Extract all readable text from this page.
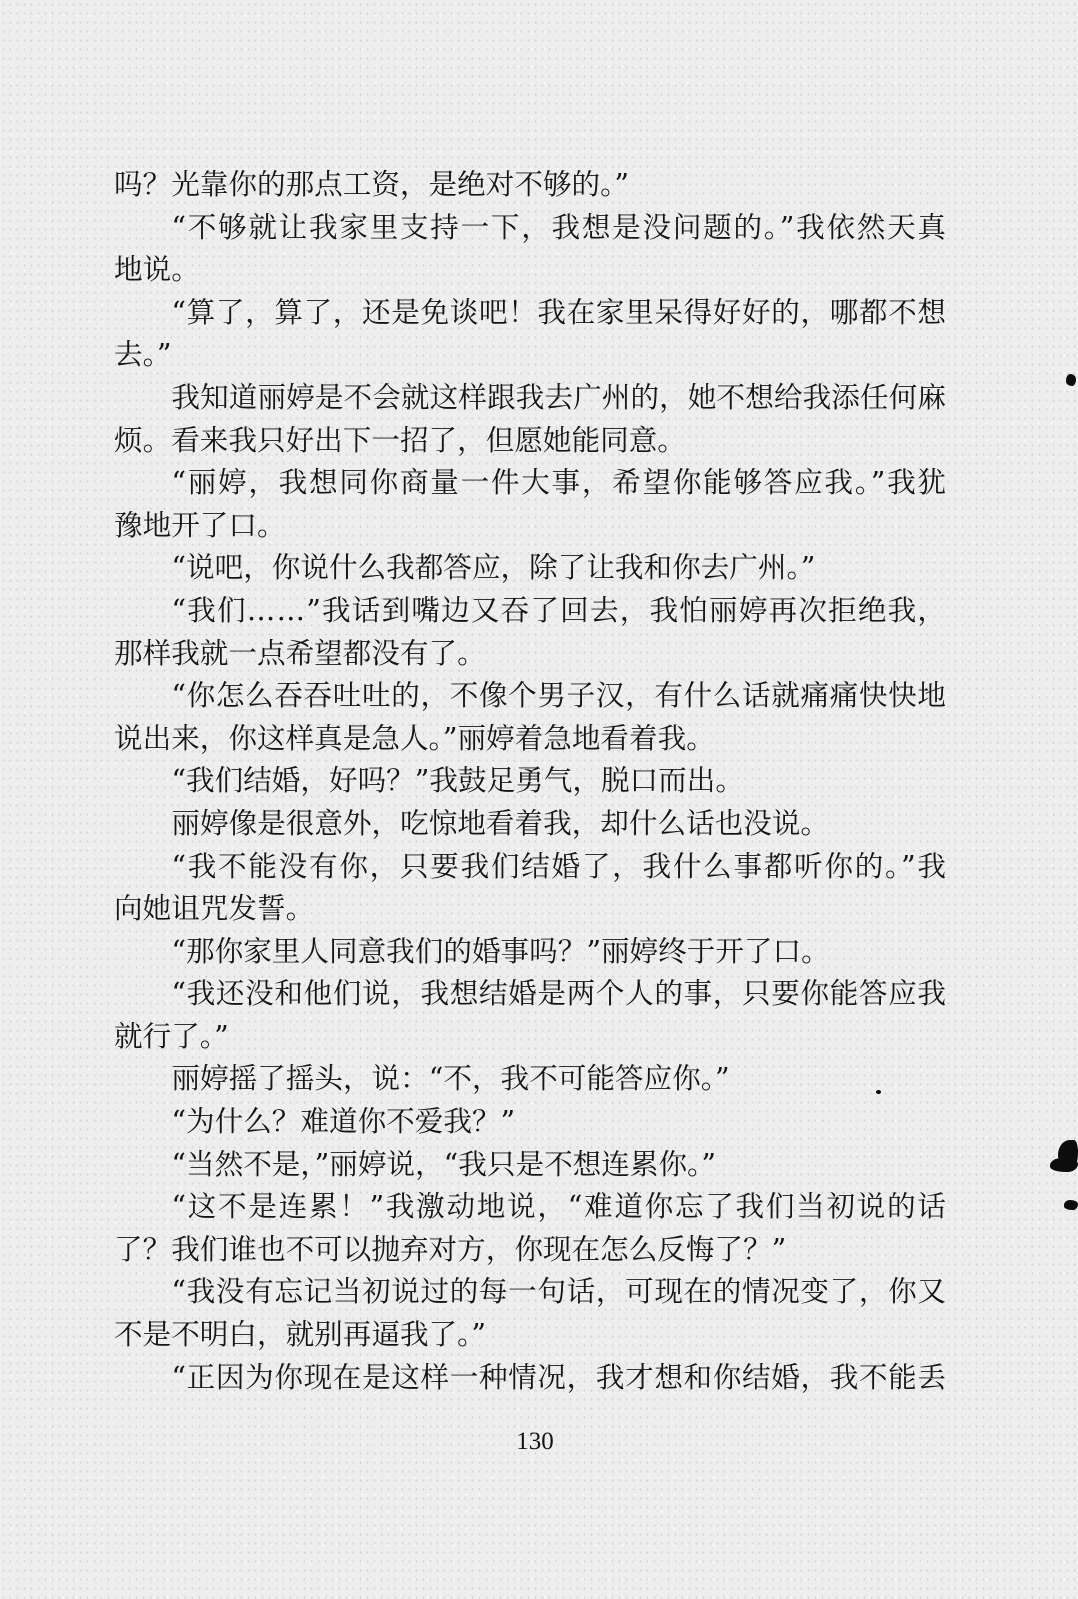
吗？光靠你的那点工资，是绝对不够的。”
“不够就让我家里支持一下，我想是没问题的。”我依然天真
地说。
“算了，算了，还是免谈吧！我在家里呆得好好的，哪都不想
去。”
我知道丽婷是不会就这样跟我去广州的，她不想给我添任何麻
烦。看来我只好出下一招了，但愿她能同意。
“丽婷，我想同你商量一件大事，希望你能够答应我。”我犹
豫地开了口。
“说吧，你说什么我都答应，除了让我和你去广州。”
“我们……”我话到嘴边又吞了回去，我怕丽婷再次拒绝我，
那样我就一点希望都没有了。
“你怎么吞吞吐吐的，不像个男子汉，有什么话就痛痛快快地
说出来，你这样真是急人。”丽婷着急地看着我。
“我们结婚，好吗？”我鼓足勇气，脱口而出。
丽婷像是很意外，吃惊地看着我，却什么话也没说。
“我不能没有你，只要我们结婚了，我什么事都听你的。”我
向她诅咒发誓。
“那你家里人同意我们的婚事吗？”丽婷终于开了口。
“我还没和他们说，我想结婚是两个人的事，只要你能答应我
就行了。”
丽婷摇了摇头，说：“不，我不可能答应你。”
“为什么？难道你不爱我？”
“当然不是，”丽婷说，“我只是不想连累你。”
“这不是连累！”我激动地说，“难道你忘了我们当初说的话
了？我们谁也不可以抛弃对方，你现在怎么反悔了？”
“我没有忘记当初说过的每一句话，可现在的情况变了，你又
不是不明白，就别再逼我了。”
“正因为你现在是这样一种情况，我才想和你结婚，我不能丢
130
